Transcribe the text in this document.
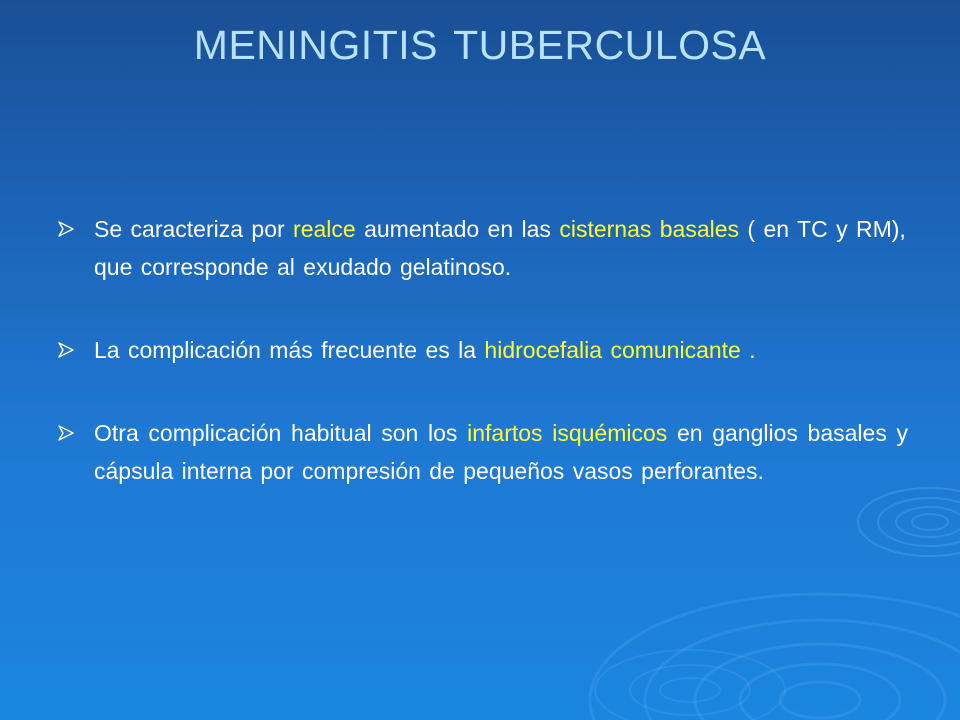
MENINGITIS TUBERCULOSA
Se caracteriza por realce aumentado en las cisternas basales ( en TC y RM), que corresponde al exudado gelatinoso.
La complicación más frecuente es la hidrocefalia comunicante .
Otra complicación habitual son los infartos isquémicos en ganglios basales y cápsula interna por compresión de pequeños vasos perforantes.
